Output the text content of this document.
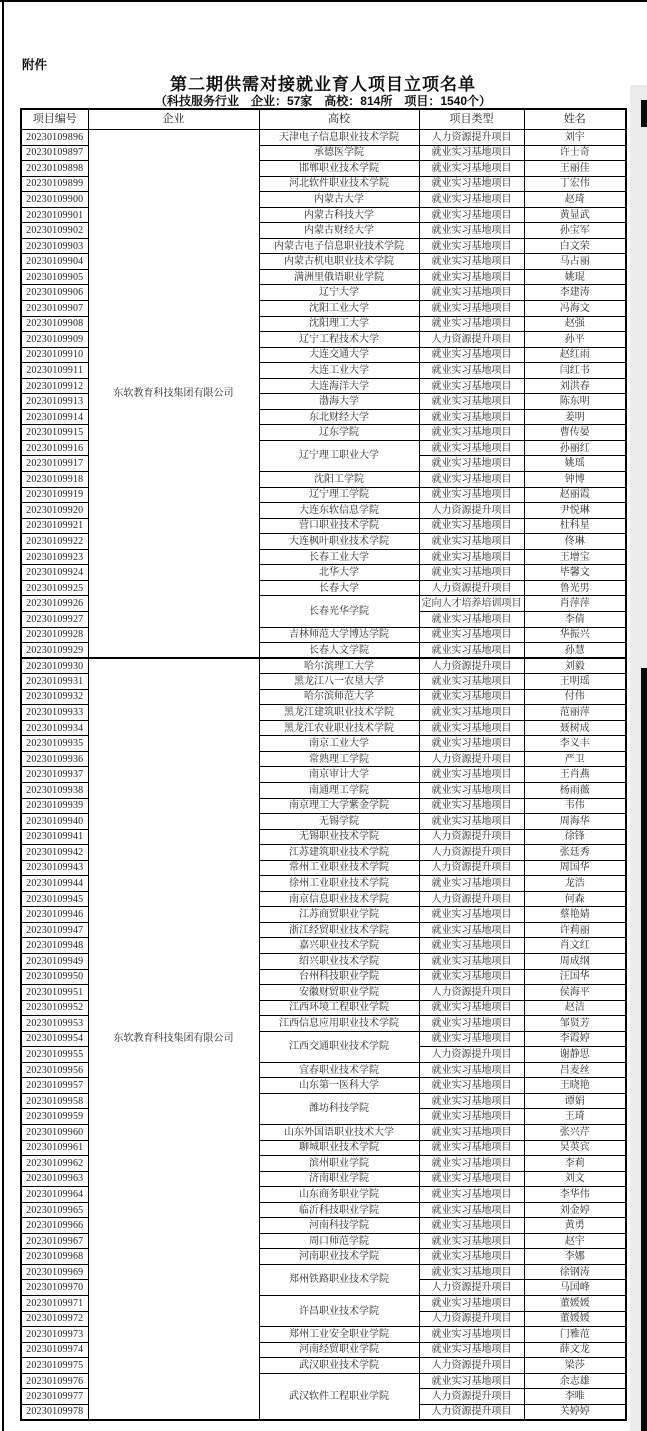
附件
第二期供需对接就业育人项目立项名单
（科技服务行业　企业：57家　高校：814所　项目：1540个）
项目编号	企业	高校	项目类型	姓名
20230109896	东软教育科技集团有限公司	天津电子信息职业技术学院	人力资源提升项目	刘宇
20230109897		承德医学院	就业实习基地项目	许士奇
20230109898		邯郸职业技术学院	就业实习基地项目	王丽佳
20230109899		河北软件职业技术学院	就业实习基地项目	丁宏伟
20230109900		内蒙古大学	就业实习基地项目	赵琦
20230109901		内蒙古科技大学	就业实习基地项目	黄显武
20230109902		内蒙古财经大学	就业实习基地项目	孙宝军
20230109903		内蒙古电子信息职业技术学院	就业实习基地项目	白文荣
20230109904		内蒙古机电职业技术学院	就业实习基地项目	马占丽
20230109905		满洲里俄语职业学院	就业实习基地项目	姚琨
20230109906		辽宁大学	就业实习基地项目	李建涛
20230109907		沈阳工业大学	就业实习基地项目	冯海文
20230109908		沈阳理工大学	就业实习基地项目	赵强
20230109909		辽宁工程技术大学	人力资源提升项目	孙平
20230109910		大连交通大学	就业实习基地项目	赵红雨
20230109911		大连工业大学	就业实习基地项目	闫红书
20230109912		大连海洋大学	就业实习基地项目	刘洪春
20230109913		渤海大学	就业实习基地项目	陈东明
20230109914		东北财经大学	就业实习基地项目	姜明
20230109915		辽东学院	就业实习基地项目	曹传晏
20230109916		辽宁理工职业大学	就业实习基地项目	孙丽红
20230109917			就业实习基地项目	姚瑶
20230109918		沈阳工学院	就业实习基地项目	钟博
20230109919		辽宁理工学院	就业实习基地项目	赵丽霞
20230109920		大连东软信息学院	人力资源提升项目	尹悦琳
20230109921		营口职业技术学院	就业实习基地项目	杜科星
20230109922		大连枫叶职业技术学院	就业实习基地项目	佟琳
20230109923		长春工业大学	就业实习基地项目	王增宝
20230109924		北华大学	就业实习基地项目	毕馨文
20230109925		长春大学	人力资源提升项目	鲁光男
20230109926		长春光华学院	定向人才培养培训项目	肖萍萍
20230109927			就业实习基地项目	李倩
20230109928		吉林师范大学博达学院	就业实习基地项目	华振兴
20230109929		长春人文学院	就业实习基地项目	孙慧
20230109930	东软教育科技集团有限公司	哈尔滨理工大学	人力资源提升项目	刘毅
20230109931		黑龙江八一农垦大学	就业实习基地项目	王明瑶
20230109932		哈尔滨师范大学	就业实习基地项目	付伟
20230109933		黑龙江建筑职业技术学院	就业实习基地项目	范丽萍
20230109934		黑龙江农业职业技术学院	就业实习基地项目	聂树成
20230109935		南京工业大学	就业实习基地项目	李义丰
20230109936		常熟理工学院	人力资源提升项目	严卫
20230109937		南京审计大学	就业实习基地项目	王肖燕
20230109938		南通理工学院	就业实习基地项目	杨雨薇
20230109939		南京理工大学紫金学院	就业实习基地项目	韦伟
20230109940		无锡学院	就业实习基地项目	周海华
20230109941		无锡职业技术学院	人力资源提升项目	徐锋
20230109942		江苏建筑职业技术学院	人力资源提升项目	张廷秀
20230109943		常州工业职业技术学院	人力资源提升项目	周国华
20230109944		徐州工业职业技术学院	就业实习基地项目	龙浩
20230109945		南京信息职业技术学院	人力资源提升项目	何森
20230109946		江苏商贸职业学院	就业实习基地项目	蔡艳婧
20230109947		浙江经贸职业技术学院	就业实习基地项目	许莉丽
20230109948		嘉兴职业技术学院	就业实习基地项目	肖文红
20230109949		绍兴职业技术学院	就业实习基地项目	周成纲
20230109950		台州科技职业学院	就业实习基地项目	汪国华
20230109951		安徽财贸职业学院	人力资源提升项目	侯海平
20230109952		江西环境工程职业学院	就业实习基地项目	赵洁
20230109953		江西信息应用职业技术学院	就业实习基地项目	邹贤芳
20230109954		江西交通职业技术学院	就业实习基地项目	李霞婷
20230109955			人力资源提升项目	谢静思
20230109956		宜春职业技术学院	就业实习基地项目	吕麦丝
20230109957		山东第一医科大学	就业实习基地项目	王晓艳
20230109958		潍坊科技学院	就业实习基地项目	谭娟
20230109959			就业实习基地项目	王琦
20230109960		山东外国语职业技术大学	就业实习基地项目	张兴芹
20230109961		聊城职业技术学院	就业实习基地项目	吴英宾
20230109962		滨州职业学院	就业实习基地项目	李莉
20230109963		济南职业学院	就业实习基地项目	刘文
20230109964		山东商务职业学院	就业实习基地项目	李华伟
20230109965		临沂科技职业学院	就业实习基地项目	刘金婷
20230109966		河南科技学院	就业实习基地项目	黄勇
20230109967		周口师范学院	就业实习基地项目	赵宇
20230109968		河南职业技术学院	就业实习基地项目	李娜
20230109969		郑州铁路职业技术学院	就业实习基地项目	徐钢涛
20230109970			人力资源提升项目	马国峰
20230109971		许昌职业技术学院	就业实习基地项目	董媛媛
20230109972			人力资源提升项目	董媛媛
20230109973		郑州工业安全职业学院	就业实习基地项目	门雅范
20230109974		河南经贸职业学院	就业实习基地项目	薛文龙
20230109975		武汉职业技术学院	人力资源提升项目	梁莎
20230109976		武汉软件工程职业学院	就业实习基地项目	余志雄
20230109977			人力资源提升项目	李唯
20230109978			人力资源提升项目	关婷婷
